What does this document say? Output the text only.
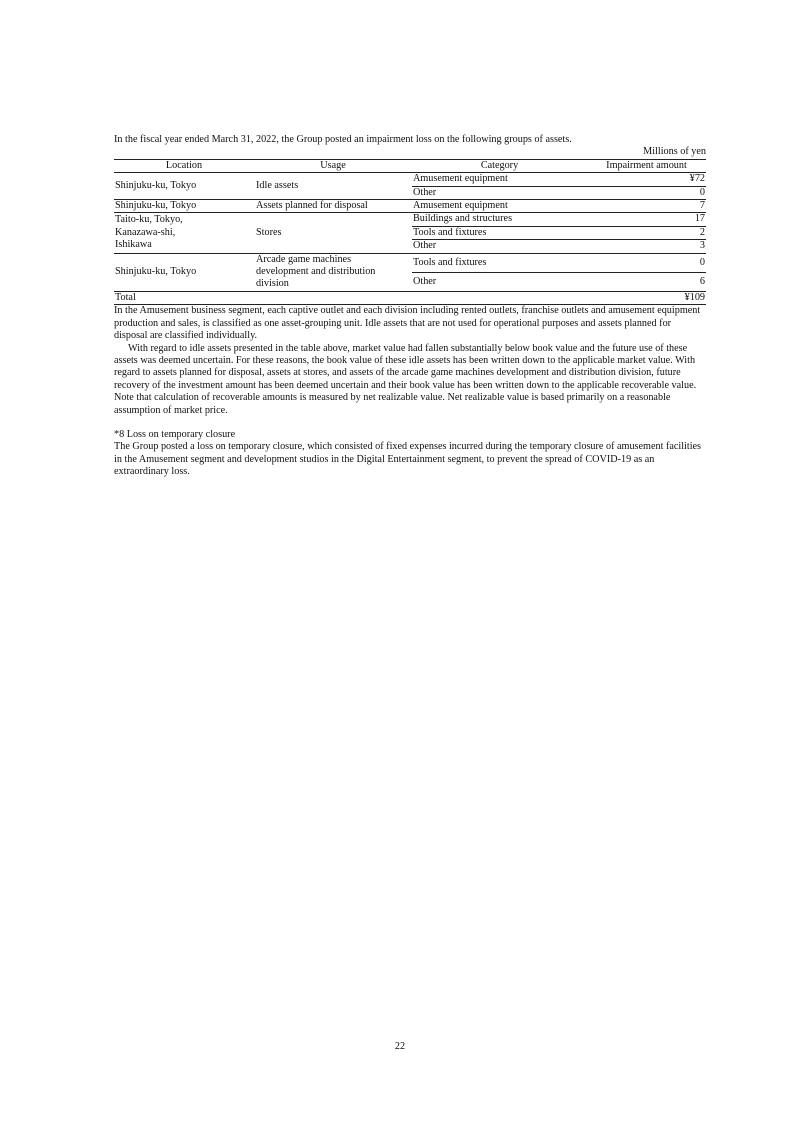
In the fiscal year ended March 31, 2022, the Group posted an impairment loss on the following groups of assets.

Millions of yen

Location	Usage	Category	Impairment amount
Shinjuku-ku, Tokyo	Idle assets	Amusement equipment	¥72
		Other	0
Shinjuku-ku, Tokyo	Assets planned for disposal	Amusement equipment	7

Taito-ku, Tokyo,
Kanazawa-shi,
Ishikawa	Stores	Buildings and structures	17
		Tools and fixtures	2
		Other	3
Shinjuku-ku, Tokyo	Arcade game machines
development and distribution
division	Tools and fixtures	0
		Other	6
Total			¥109

In the Amusement business segment, each captive outlet and each division including rented outlets, franchise outlets and amusement equipment production and sales, is classified as one asset-grouping unit. Idle assets that are not used for operational purposes and assets planned for disposal are classified individually.

With regard to idle assets presented in the table above, market value had fallen substantially below book value and the future use of these assets was deemed uncertain. For these reasons, the book value of these idle assets has been written down to the applicable market value. With regard to assets planned for disposal, assets at stores, and assets of the arcade game machines development and distribution division, future recovery of the investment amount has been deemed uncertain and their book value has been written down to the applicable recoverable value. Note that calculation of recoverable amounts is measured by net realizable value. Net realizable value is based primarily on a reasonable assumption of market price.

*8 Loss on temporary closure

The Group posted a loss on temporary closure, which consisted of fixed expenses incurred during the temporary closure of amusement facilities in the Amusement segment and development studios in the Digital Entertainment segment, to prevent the spread of COVID-19 as an extraordinary loss.

22
